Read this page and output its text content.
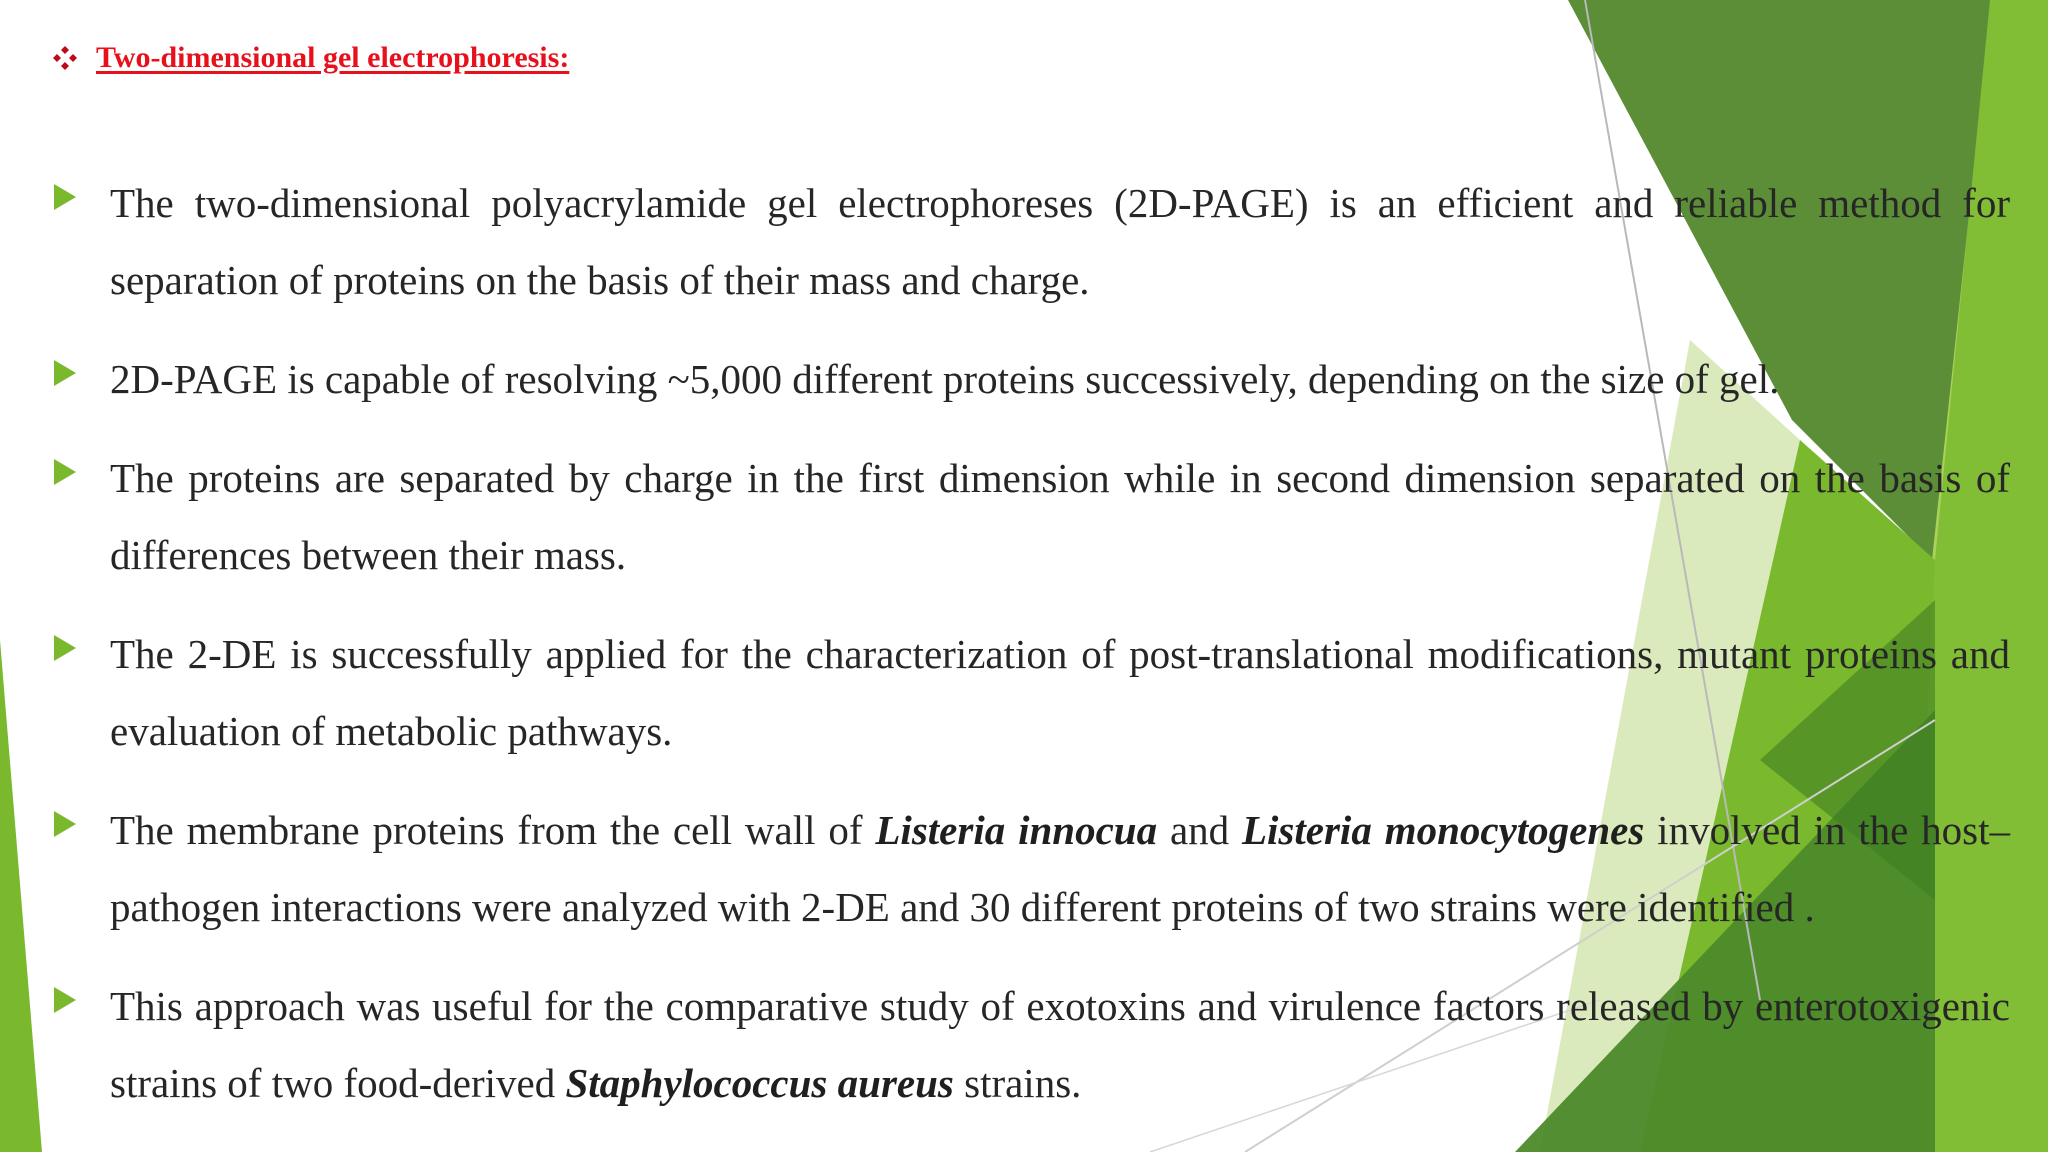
Two-dimensional gel electrophoresis:

The two-dimensional polyacrylamide gel electrophoreses (2D-PAGE) is an efficient and reliable method for separation of proteins on the basis of their mass and charge.

2D-PAGE is capable of resolving ~5,000 different proteins successively, depending on the size of gel.

The proteins are separated by charge in the first dimension while in second dimension separated on the basis of differences between their mass.

The 2-DE is successfully applied for the characterization of post-translational modifications, mutant proteins and evaluation of metabolic pathways.

The membrane proteins from the cell wall of Listeria innocua and Listeria monocytogenes involved in the host–pathogen interactions were analyzed with 2-DE and 30 different proteins of two strains were identified .

This approach was useful for the comparative study of exotoxins and virulence factors released by enterotoxigenic strains of two food-derived Staphylococcus aureus strains.
